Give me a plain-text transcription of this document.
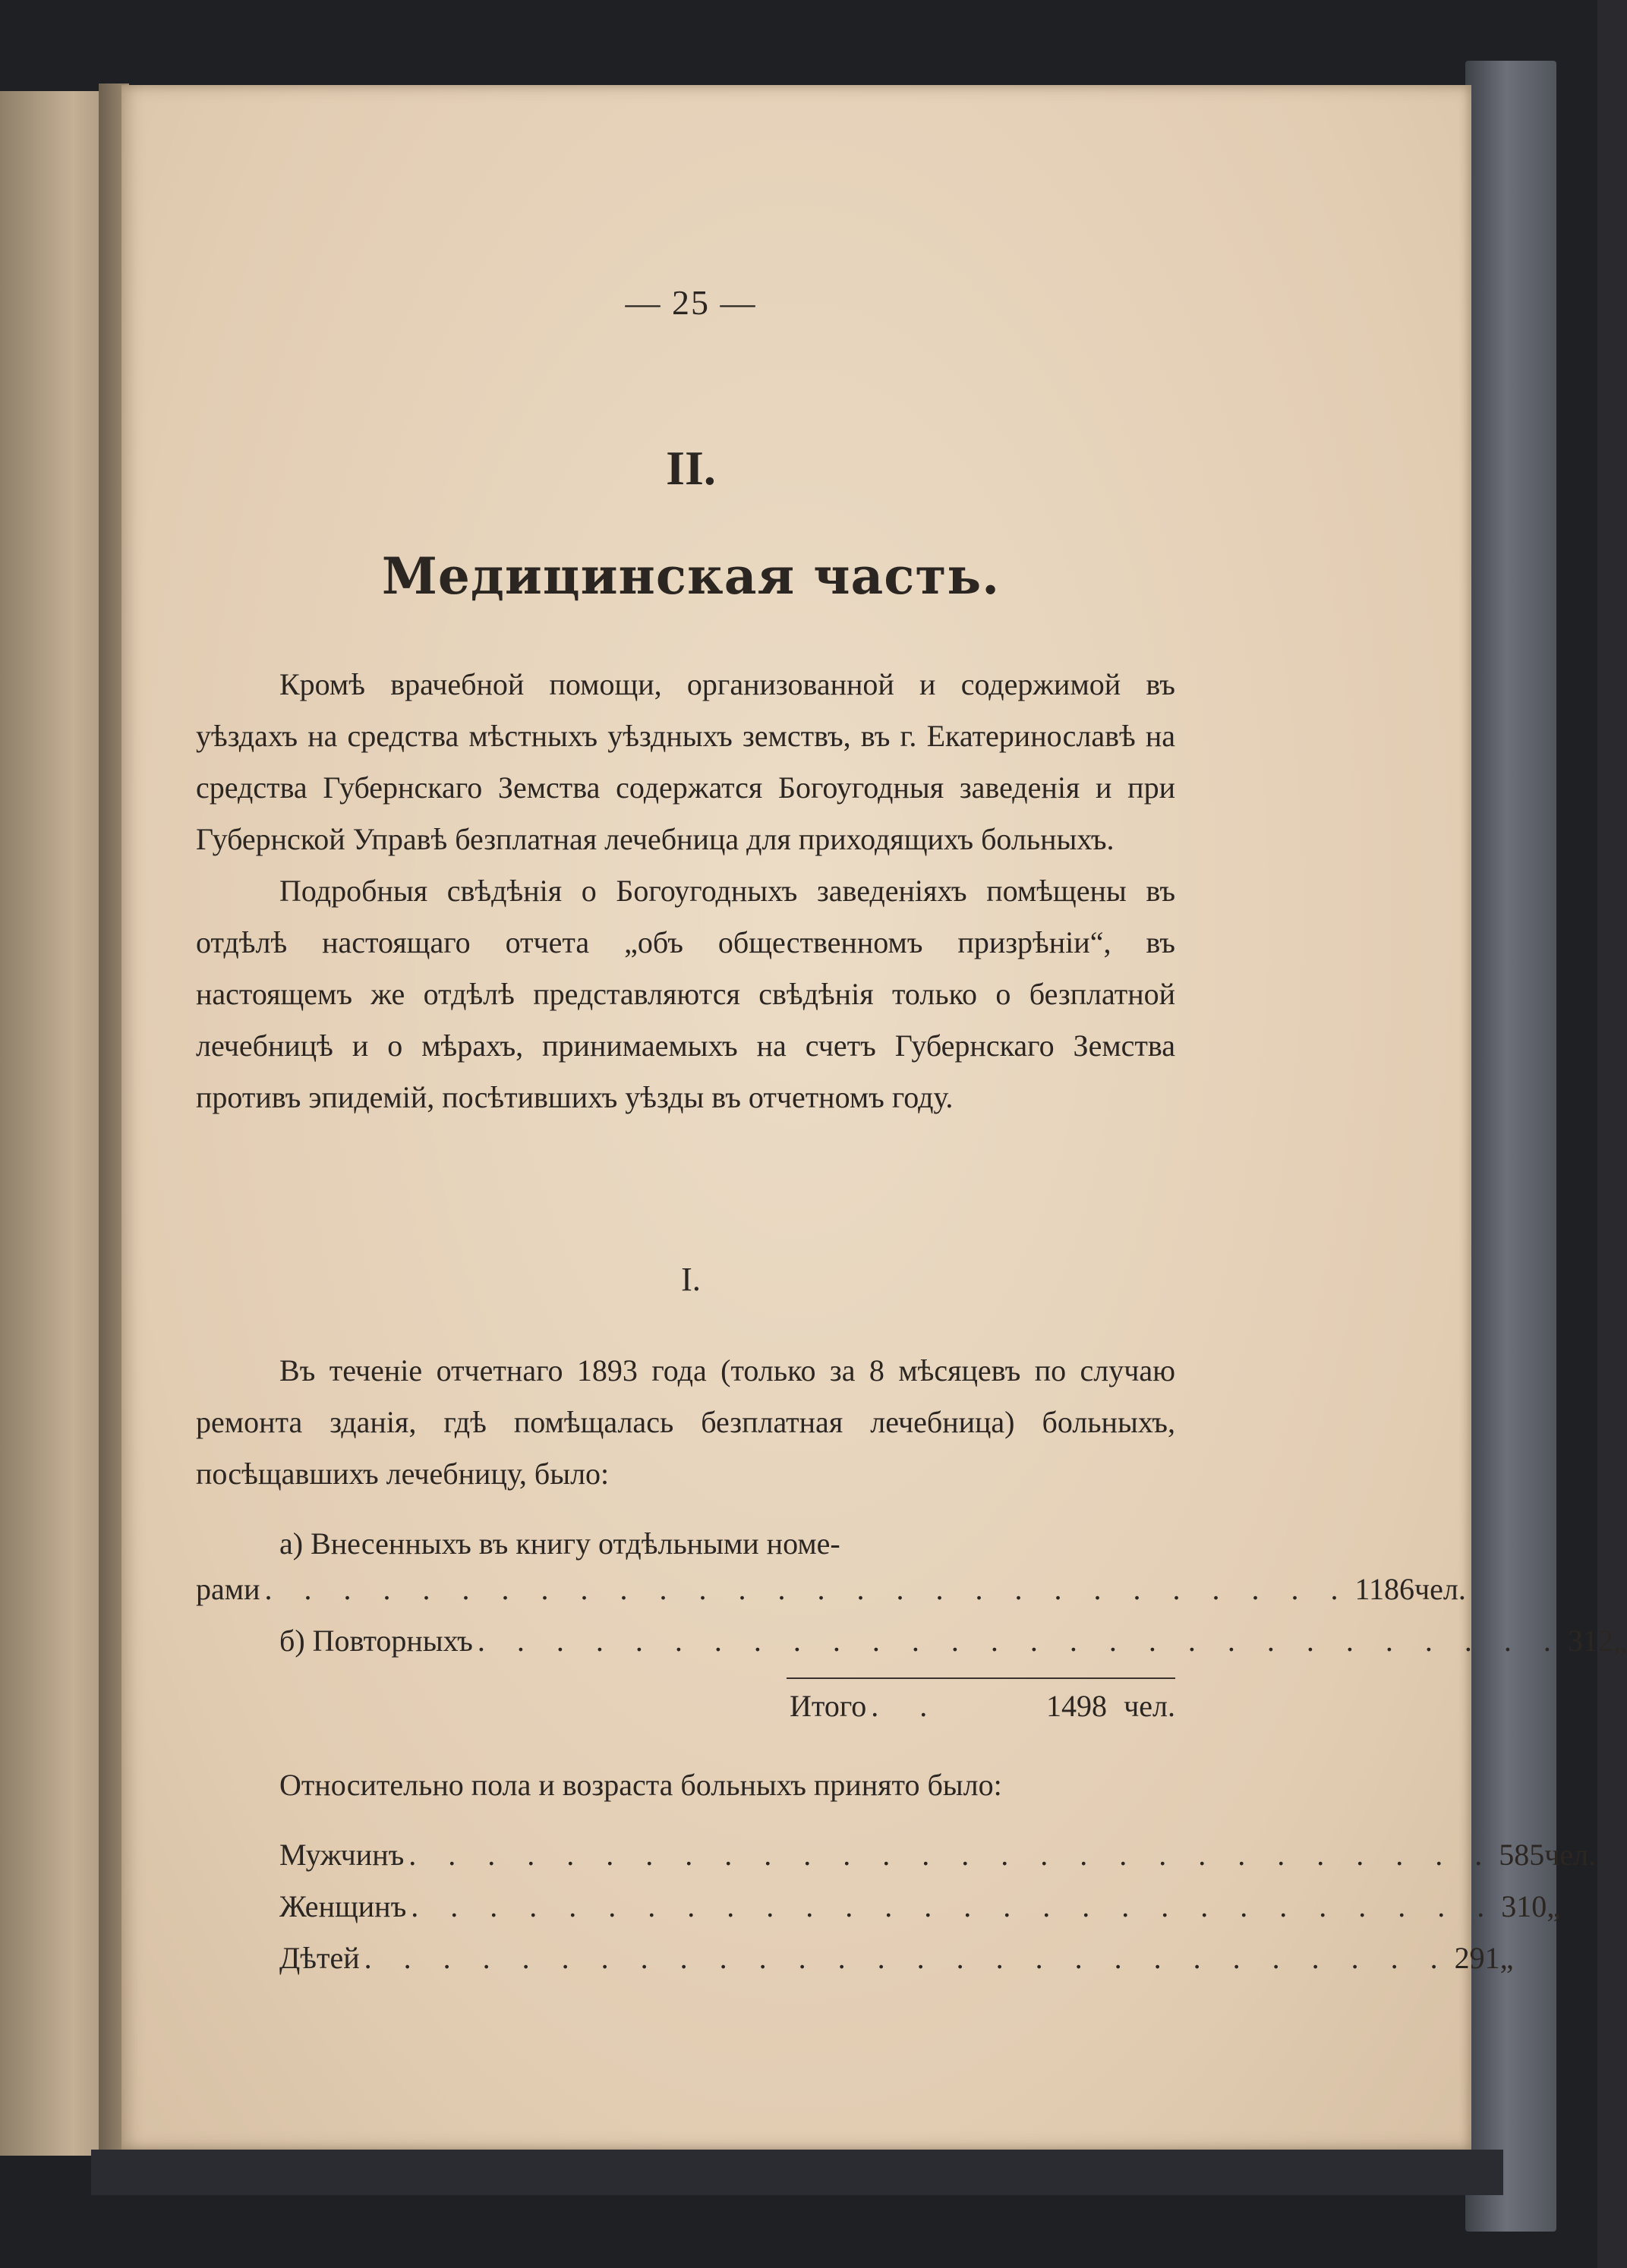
— 25 —
II.
Медицинская часть.

Кромѣ врачебной помощи, организованной и содержимой въ уѣздахъ на средства мѣстныхъ уѣздныхъ земствъ, въ г. Екатеринославѣ на средства Губернскаго Земства содержатся Богоугодныя заведенія и при Губернской Управѣ безплатная лечебница для приходящихъ больныхъ.

Подробныя свѣдѣнія о Богоугодныхъ заведеніяхъ помѣщены въ отдѣлѣ настоящаго отчета „объ общественномъ призрѣніи“, въ настоящемъ же отдѣлѣ представляются свѣдѣнія только о безплатной лечебницѣ и о мѣрахъ, принимаемыхъ на счетъ Губернскаго Земства противъ эпидемій, посѣтившихъ уѣзды въ отчетномъ году.

I.

Въ теченіе отчетнаго 1893 года (только за 8 мѣсяцевъ по случаю ремонта зданія, гдѣ помѣщалась безплатная лечебница) больныхъ, посѣщавшихъ лечебницу, было:

а) Внесенныхъ въ книгу отдѣльными номе-
рами . . . . . . . . . . . . . . . . . . . . . . . . . . . . 1186 чел.
б) Повторныхъ . . . . . . . . . . . . . . . . . . . . . . . . . . . . 312 „
Итого . .	1498 чел.

Относительно пола и возраста больныхъ принято было:

Мужчинъ . . . . . . . . . . . . . . . . . . . . . . . . . . . . 585 чел.
Женщинъ . . . . . . . . . . . . . . . . . . . . . . . . . . . . 310 „
Дѣтей . . . . . . . . . . . . . . . . . . . . . . . . . . . . 291 „
